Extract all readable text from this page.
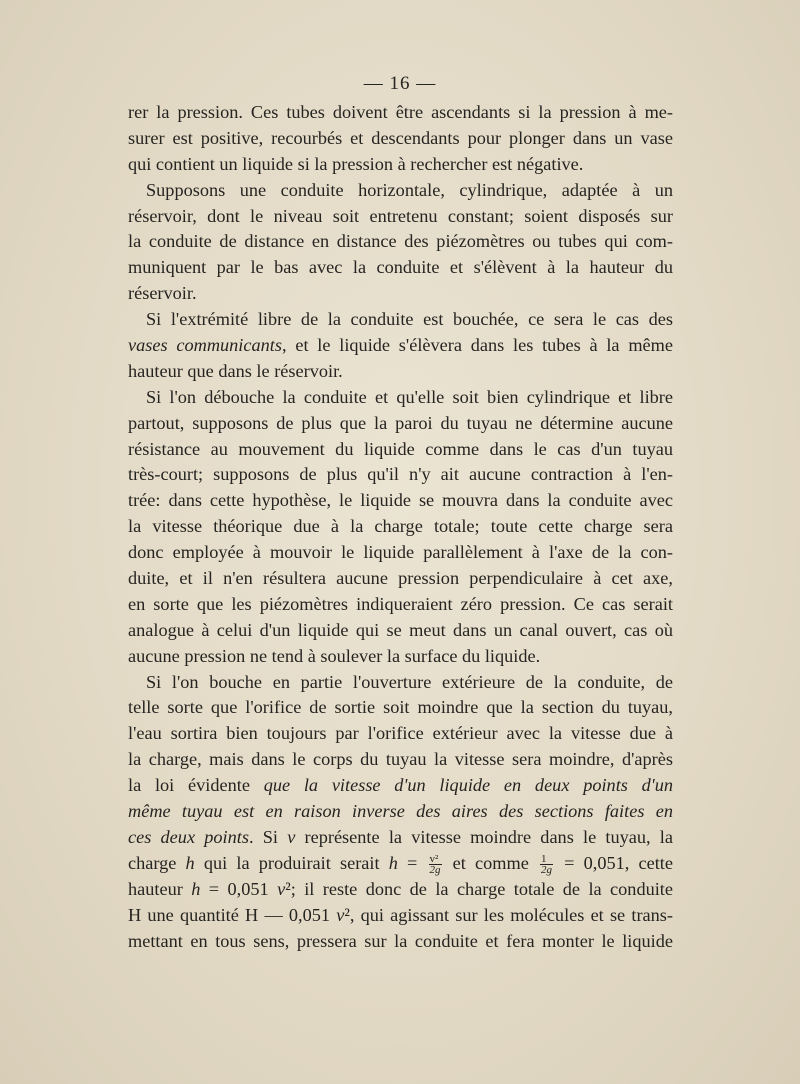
— 16 —
rer la pression. Ces tubes doivent être ascendants si la pression à me-
surer est positive, recourbés et descendants pour plonger dans un vase
qui contient un liquide si la pression à rechercher est négative.
Supposons une conduite horizontale, cylindrique, adaptée à un
réservoir, dont le niveau soit entretenu constant; soient disposés sur
la conduite de distance en distance des piézomètres ou tubes qui com-
muniquent par le bas avec la conduite et s'élèvent à la hauteur du
réservoir.
Si l'extrémité libre de la conduite est bouchée, ce sera le cas des
vases communicants, et le liquide s'élèvera dans les tubes à la même
hauteur que dans le réservoir.
Si l'on débouche la conduite et qu'elle soit bien cylindrique et libre
partout, supposons de plus que la paroi du tuyau ne détermine aucune
résistance au mouvement du liquide comme dans le cas d'un tuyau
très-court; supposons de plus qu'il n'y ait aucune contraction à l'en-
trée: dans cette hypothèse, le liquide se mouvra dans la conduite avec
la vitesse théorique due à la charge totale; toute cette charge sera
donc employée à mouvoir le liquide parallèlement à l'axe de la con-
duite, et il n'en résultera aucune pression perpendiculaire à cet axe,
en sorte que les piézomètres indiqueraient zéro pression. Ce cas serait
analogue à celui d'un liquide qui se meut dans un canal ouvert, cas où
aucune pression ne tend à soulever la surface du liquide.
Si l'on bouche en partie l'ouverture extérieure de la conduite, de
telle sorte que l'orifice de sortie soit moindre que la section du tuyau,
l'eau sortira bien toujours par l'orifice extérieur avec la vitesse due à
la charge, mais dans le corps du tuyau la vitesse sera moindre, d'après
la loi évidente que la vitesse d'un liquide en deux points d'un
même tuyau est en raison inverse des aires des sections faites en
ces deux points. Si v représente la vitesse moindre dans le tuyau, la
charge h qui la produirait serait $h = \frac{\text{v²}}{2g}$ et comme $\frac{1}{2g} = 0,051$, cette
hauteur h = 0,051 v²; il reste donc de la charge totale de la conduite
H une quantité H — 0,051 v², qui agissant sur les molécules et se trans-
mettant en tous sens, pressera sur la conduite et fera monter le liquide
